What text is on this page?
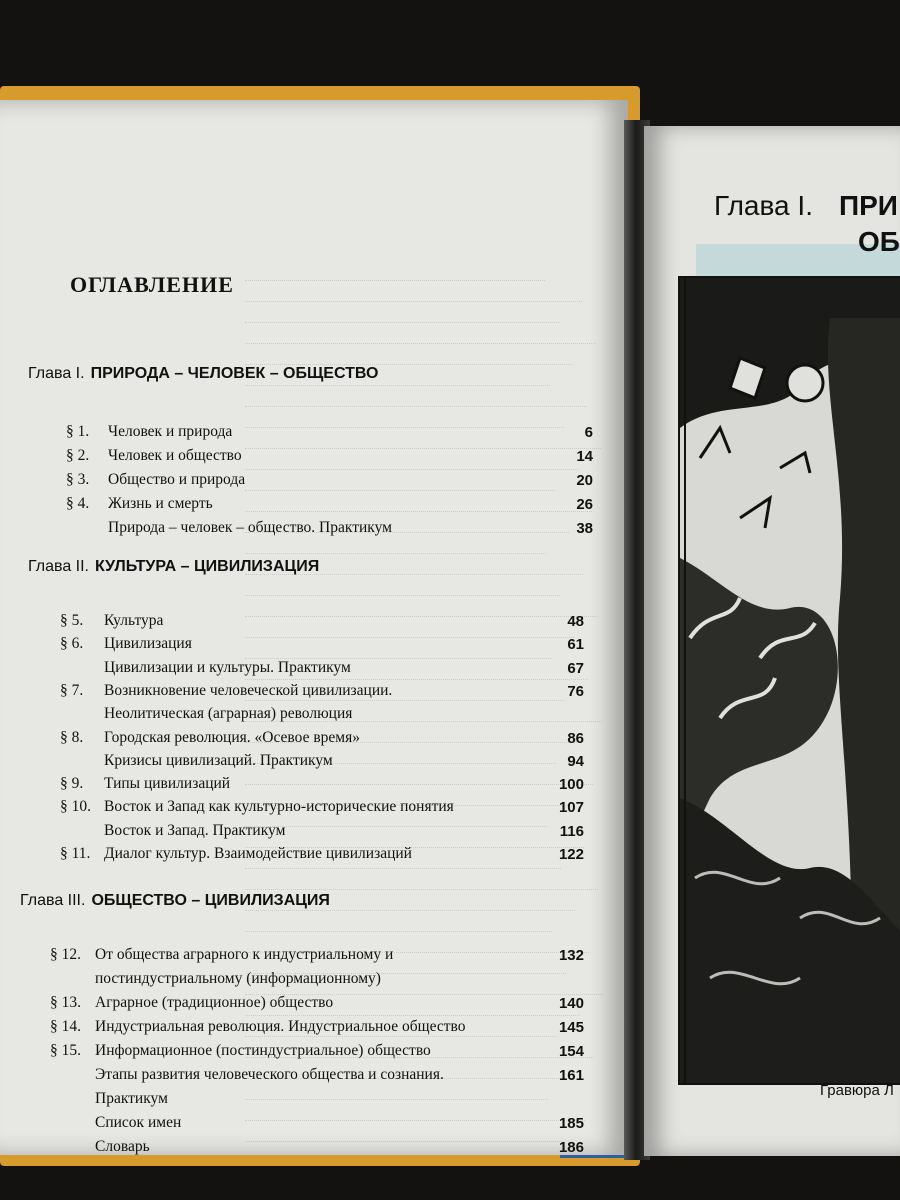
ОГЛАВЛЕНИЕ
Глава I. ПРИРОДА – ЧЕЛОВЕК – ОБЩЕСТВО
§ 1. Человек и природа	6
§ 2. Человек и общество	14
§ 3. Общество и природа	20
§ 4. Жизнь и смерть	26
Природа – человек – общество. Практикум	38
Глава II. КУЛЬТУРА – ЦИВИЛИЗАЦИЯ
§ 5. Культура	48
§ 6. Цивилизация	61
Цивилизации и культуры. Практикум	67
§ 7. Возникновение человеческой цивилизации.	76
Неолитическая (аграрная) революция
§ 8. Городская революция. «Осевое время»	86
Кризисы цивилизаций. Практикум	94
§ 9. Типы цивилизаций	100
§ 10. Восток и Запад как культурно-исторические понятия	107
Восток и Запад. Практикум	116
§ 11. Диалог культур. Взаимодействие цивилизаций	122
Глава III. ОБЩЕСТВО – ЦИВИЛИЗАЦИЯ
§ 12. От общества аграрного к индустриальному и	132
постиндустриальному (информационному)
§ 13. Аграрное (традиционное) общество	140
§ 14. Индустриальная революция. Индустриальное общество	145
§ 15. Информационное (постиндустриальное) общество	154
Этапы развития человеческого общества и сознания.	161
Практикум
Список имен	185
Словарь	186
Глава I. ПРИ
ОБ
Гравюра Л
